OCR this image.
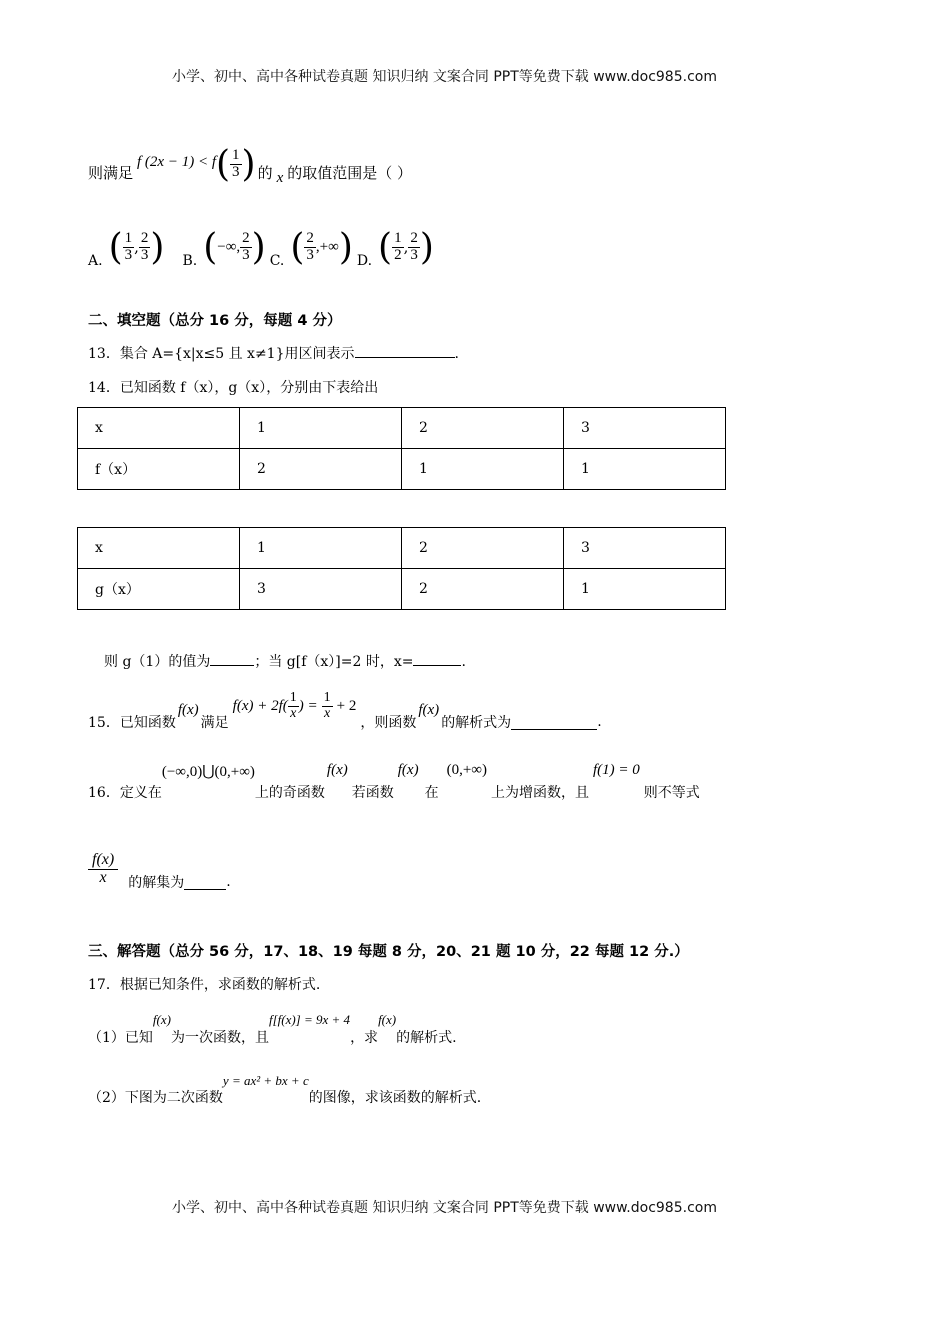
小学、初中、高中各种试卷真题 知识归纳 文案合同 PPT等免费下载 www.doc985.com
则满足
f (2x − 1) < f ( $\frac{1}{3}$ ) 的 x 的取值范围是（ ）
A. ( $\frac{1}{3}$ , $\frac{2}{3}$ ) B. ( −∞, $\frac{2}{3}$ ) C. ( $\frac{2}{3}$ ,+∞ ) D. ( $\frac{1}{2}$ , $\frac{2}{3}$ )
二、填空题（总分 16 分，每题 4 分）
13．集合 A={x|x≤5 且 x≠1}用区间表示	.
14．已知函数 f（x），g（x），分别由下表给出
x	1	2	3
f（x）	2	1	1
x	1	2	3
g（x）	3	2	1
则 g（1）的值为	；当 g[f（x）]=2 时，x=	.
15．已知函数
f(x)
满足
$f(x) + 2f( \frac{1}{x}$ ) = $\frac{1}{x} + 2$
，则函数
f(x)
的解析式为	.
16．定义在
(−∞,0)⋃(0,+∞)
上的奇函数
f(x)
若函数
f(x)
在
(0,+∞)
上为增函数，且
f(1) = 0
则不等式
$\frac{f(x)}{x}$ 的解集为	.
三、解答题（总分 56 分，17、18、19 每题 8 分，20、21 题 10 分，22 每题 12 分.）
17．根据已知条件，求函数的解析式.
（1）已知
f(x)
为一次函数，且
f[f(x)] = 9x + 4
，求
f(x)
的解析式.
（2）下图为二次函数
y = ax² + bx + c
的图像，求该函数的解析式.
小学、初中、高中各种试卷真题 知识归纳 文案合同 PPT等免费下载 www.doc985.com
